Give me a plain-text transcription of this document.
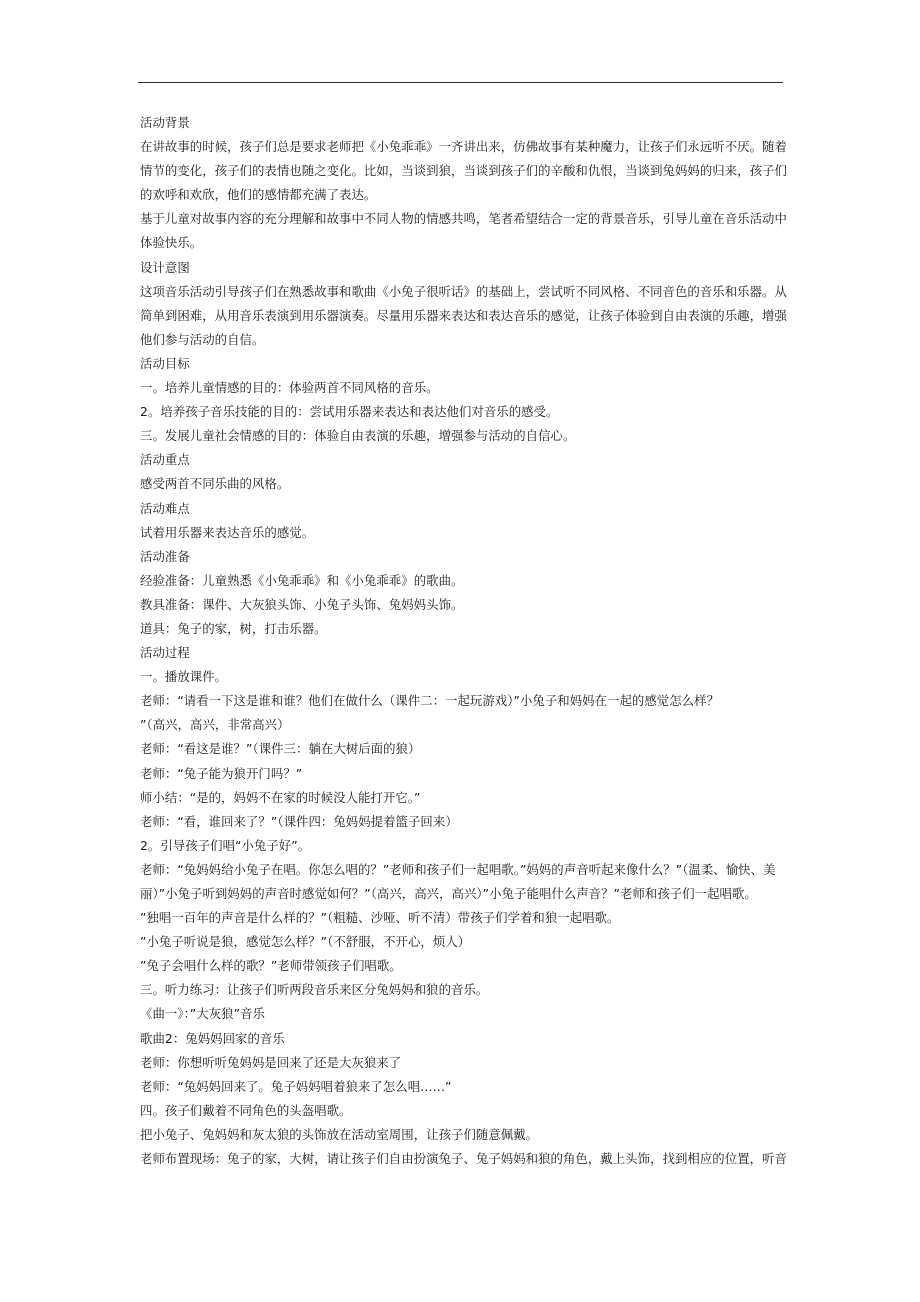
活动背景
在讲故事的时候，孩子们总是要求老师把《小兔乖乖》一齐讲出来，仿佛故事有某种魔力，让孩子们永远听不厌。随着
情节的变化，孩子们的表情也随之变化。比如，当谈到狼，当谈到孩子们的辛酸和仇恨，当谈到兔妈妈的归来，孩子们
的欢呼和欢欣，他们的感情都充满了表达。
基于儿童对故事内容的充分理解和故事中不同人物的情感共鸣，笔者希望结合一定的背景音乐，引导儿童在音乐活动中
体验快乐。
设计意图
这项音乐活动引导孩子们在熟悉故事和歌曲《小兔子很听话》的基础上，尝试听不同风格、不同音色的音乐和乐器。从
简单到困难，从用音乐表演到用乐器演奏。尽量用乐器来表达和表达音乐的感觉，让孩子体验到自由表演的乐趣，增强
他们参与活动的自信。
活动目标
一。培养儿童情感的目的：体验两首不同风格的音乐。
2。培养孩子音乐技能的目的：尝试用乐器来表达和表达他们对音乐的感受。
三。发展儿童社会情感的目的：体验自由表演的乐趣，增强参与活动的自信心。
活动重点
感受两首不同乐曲的风格。
活动难点
试着用乐器来表达音乐的感觉。
活动准备
经验准备：儿童熟悉《小兔乖乖》和《小兔乖乖》的歌曲。
教具准备：课件、大灰狼头饰、小兔子头饰、兔妈妈头饰。
道具：兔子的家，树，打击乐器。
活动过程
一。播放课件。
老师：“请看一下这是谁和谁？他们在做什么（课件二：一起玩游戏）”小兔子和妈妈在一起的感觉怎么样？
”（高兴，高兴，非常高兴）
老师：“看这是谁？”（课件三：躺在大树后面的狼）
老师：“兔子能为狼开门吗？”
师小结：“是的，妈妈不在家的时候没人能打开它。”
老师：“看，谁回来了？”（课件四：兔妈妈提着篮子回来）
2。引导孩子们唱“小兔子好”。
老师：“兔妈妈给小兔子在唱。你怎么唱的？”老师和孩子们一起唱歌。”妈妈的声音听起来像什么？”（温柔、愉快、美
丽）”小兔子听到妈妈的声音时感觉如何？”（高兴，高兴，高兴）”小兔子能唱什么声音？”老师和孩子们一起唱歌。
”独唱一百年的声音是什么样的？”（粗糙、沙哑、听不清）带孩子们学着和狼一起唱歌。
”小兔子听说是狼，感觉怎么样？”（不舒服，不开心，烦人）
”兔子会唱什么样的歌？”老师带领孩子们唱歌。
三。听力练习：让孩子们听两段音乐来区分兔妈妈和狼的音乐。
《曲一》：”大灰狼”音乐
歌曲2：兔妈妈回家的音乐
老师：你想听听兔妈妈是回来了还是大灰狼来了
老师：“兔妈妈回来了。兔子妈妈唱着狼来了怎么唱……”
四。孩子们戴着不同角色的头盔唱歌。
把小兔子、兔妈妈和灰太狼的头饰放在活动室周围，让孩子们随意佩戴。
老师布置现场：兔子的家，大树，请让孩子们自由扮演兔子、兔子妈妈和狼的角色，戴上头饰，找到相应的位置，听音
